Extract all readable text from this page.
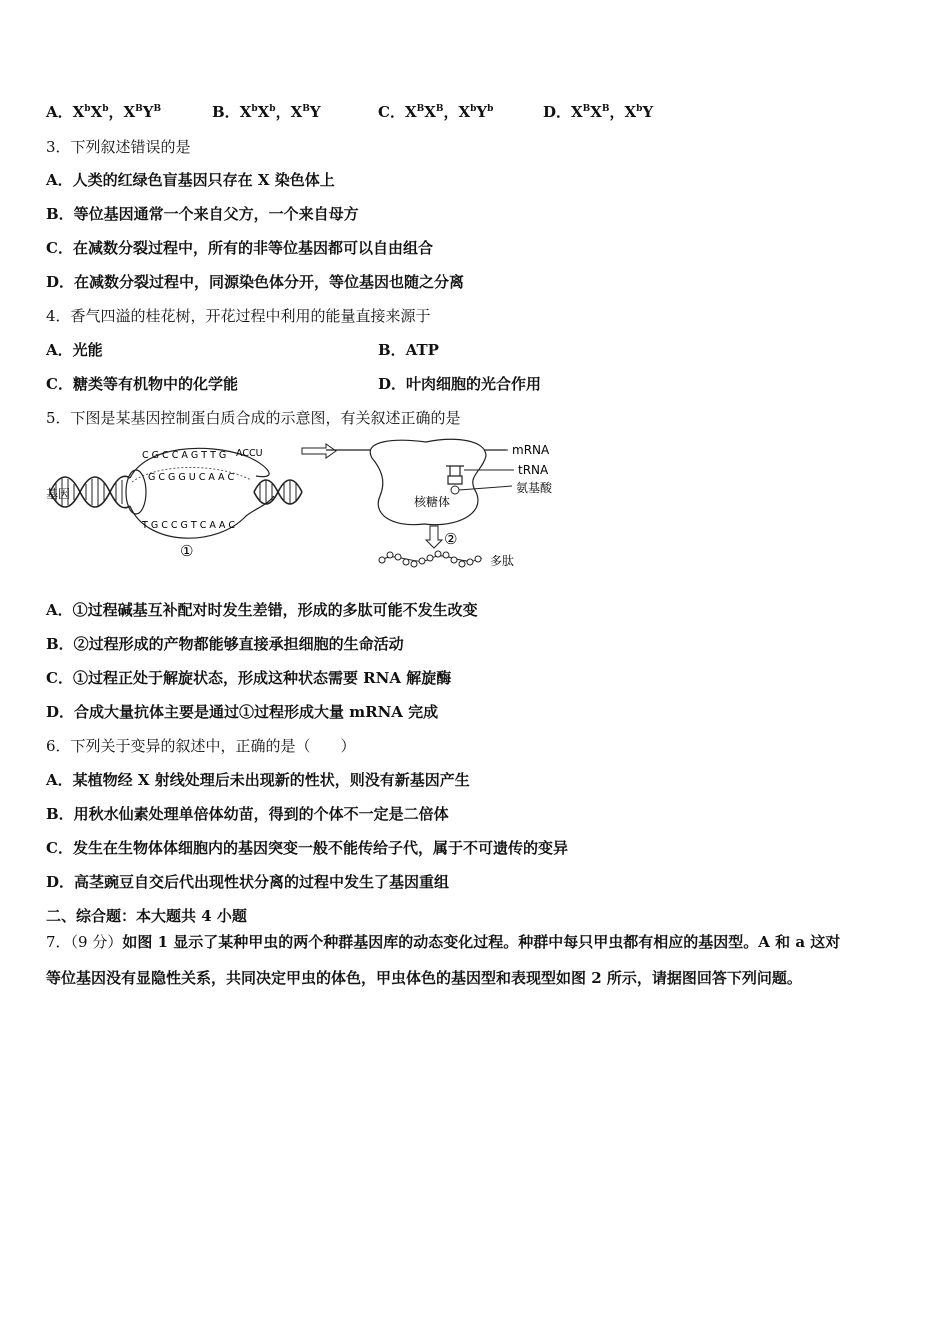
A．$X^bX^b$，$X^BY^B$	B．$X^bX^b$，$X^BY$	C．$X^BX^B$，$X^bY^b$	D．$X^BX^B$，$X^bY$
3．下列叙述错误的是
A．人类的红绿色盲基因只存在 X 染色体上
B．等位基因通常一个来自父方，一个来自母方
C．在减数分裂过程中，所有的非等位基因都可以自由组合
D．在减数分裂过程中，同源染色体分开，等位基因也随之分离
4．香气四溢的桂花树，开花过程中利用的能量直接来源于
A．光能	B．ATP
C．糖类等有机物中的化学能	D．叶肉细胞的光合作用
5．下图是某基因控制蛋白质合成的示意图，有关叙述正确的是
基因
C G C C A G T T G
G C G G U C A A C
ACCU
T G C C G T C A A C
①
mRNA
tRNA
氨基酸
核糖体
②
多肽
A．①过程碱基互补配对时发生差错，形成的多肽可能不发生改变
B．②过程形成的产物都能够直接承担细胞的生命活动
C．①过程正处于解旋状态，形成这种状态需要 RNA 解旋酶
D．合成大量抗体主要是通过①过程形成大量 mRNA 完成
6．下列关于变异的叙述中，正确的是（　　）
A．某植物经 X 射线处理后未出现新的性状，则没有新基因产生
B．用秋水仙素处理单倍体幼苗，得到的个体不一定是二倍体
C．发生在生物体体细胞内的基因突变一般不能传给子代，属于不可遗传的变异
D．高茎豌豆自交后代出现性状分离的过程中发生了基因重组
二、综合题：本大题共 4 小题
7．（9 分）如图 1 显示了某种甲虫的两个种群基因库的动态变化过程。种群中每只甲虫都有相应的基因型。A 和 a 这对
等位基因没有显隐性关系，共同决定甲虫的体色，甲虫体色的基因型和表现型如图 2 所示，请据图回答下列问题。
